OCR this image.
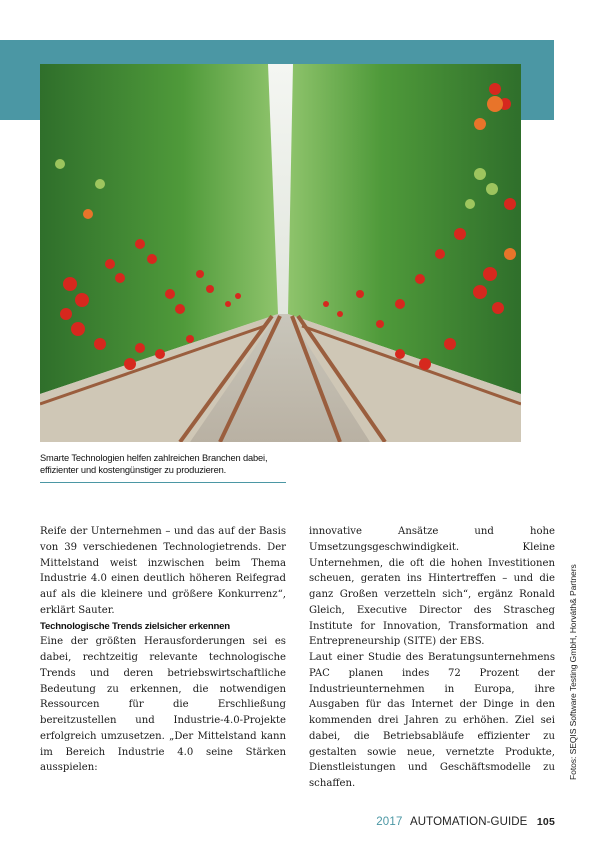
Smarte Technologien helfen zahlreichen Branchen dabei, effizienter und kostengünstiger zu produzieren.

Reife der Unternehmen – und das auf der Basis von 39 verschiedenen Technologietrends. Der Mittelstand weist inzwischen beim Thema Industrie 4.0 einen deutlich höheren Reifegrad auf als die kleinere und größere Konkurrenz“, erklärt Sauter.

Technologische Trends zielsicher erkennen

Eine der größten Herausforderungen sei es dabei, rechtzeitig relevante technologische Trends und deren betriebswirtschaftliche Bedeutung zu erkennen, die notwendigen Ressourcen für die Erschließung bereitzustellen und Industrie-4.0-Projekte erfolgreich umzusetzen. „Der Mittelstand kann im Bereich Industrie 4.0 seine Stärken ausspielen:

innovative Ansätze und hohe Umsetzungsgeschwindigkeit. Kleine Unternehmen, die oft die hohen Investitionen scheuen, geraten ins Hintertreffen – und die ganz Großen verzetteln sich“, ergänz Ronald Gleich, Executive Director des Strascheg Institute for Innovation, Transformation and Entrepreneurship (SITE) der EBS.

Laut einer Studie des Beratungsunternehmens PAC planen indes 72 Prozent der Industrieunternehmen in Europa, ihre Ausgaben für das Internet der Dinge in den kommenden drei Jahren zu erhöhen. Ziel sei dabei, die Betriebsabläufe effizienter zu gestalten sowie neue, vernetzte Produkte, Dienstleistungen und Geschäftsmodelle zu schaffen.

Fotos: SEQIS Software Testing GmbH, Horváth& Partners
2017 AUTOMATION-GUIDE 105
